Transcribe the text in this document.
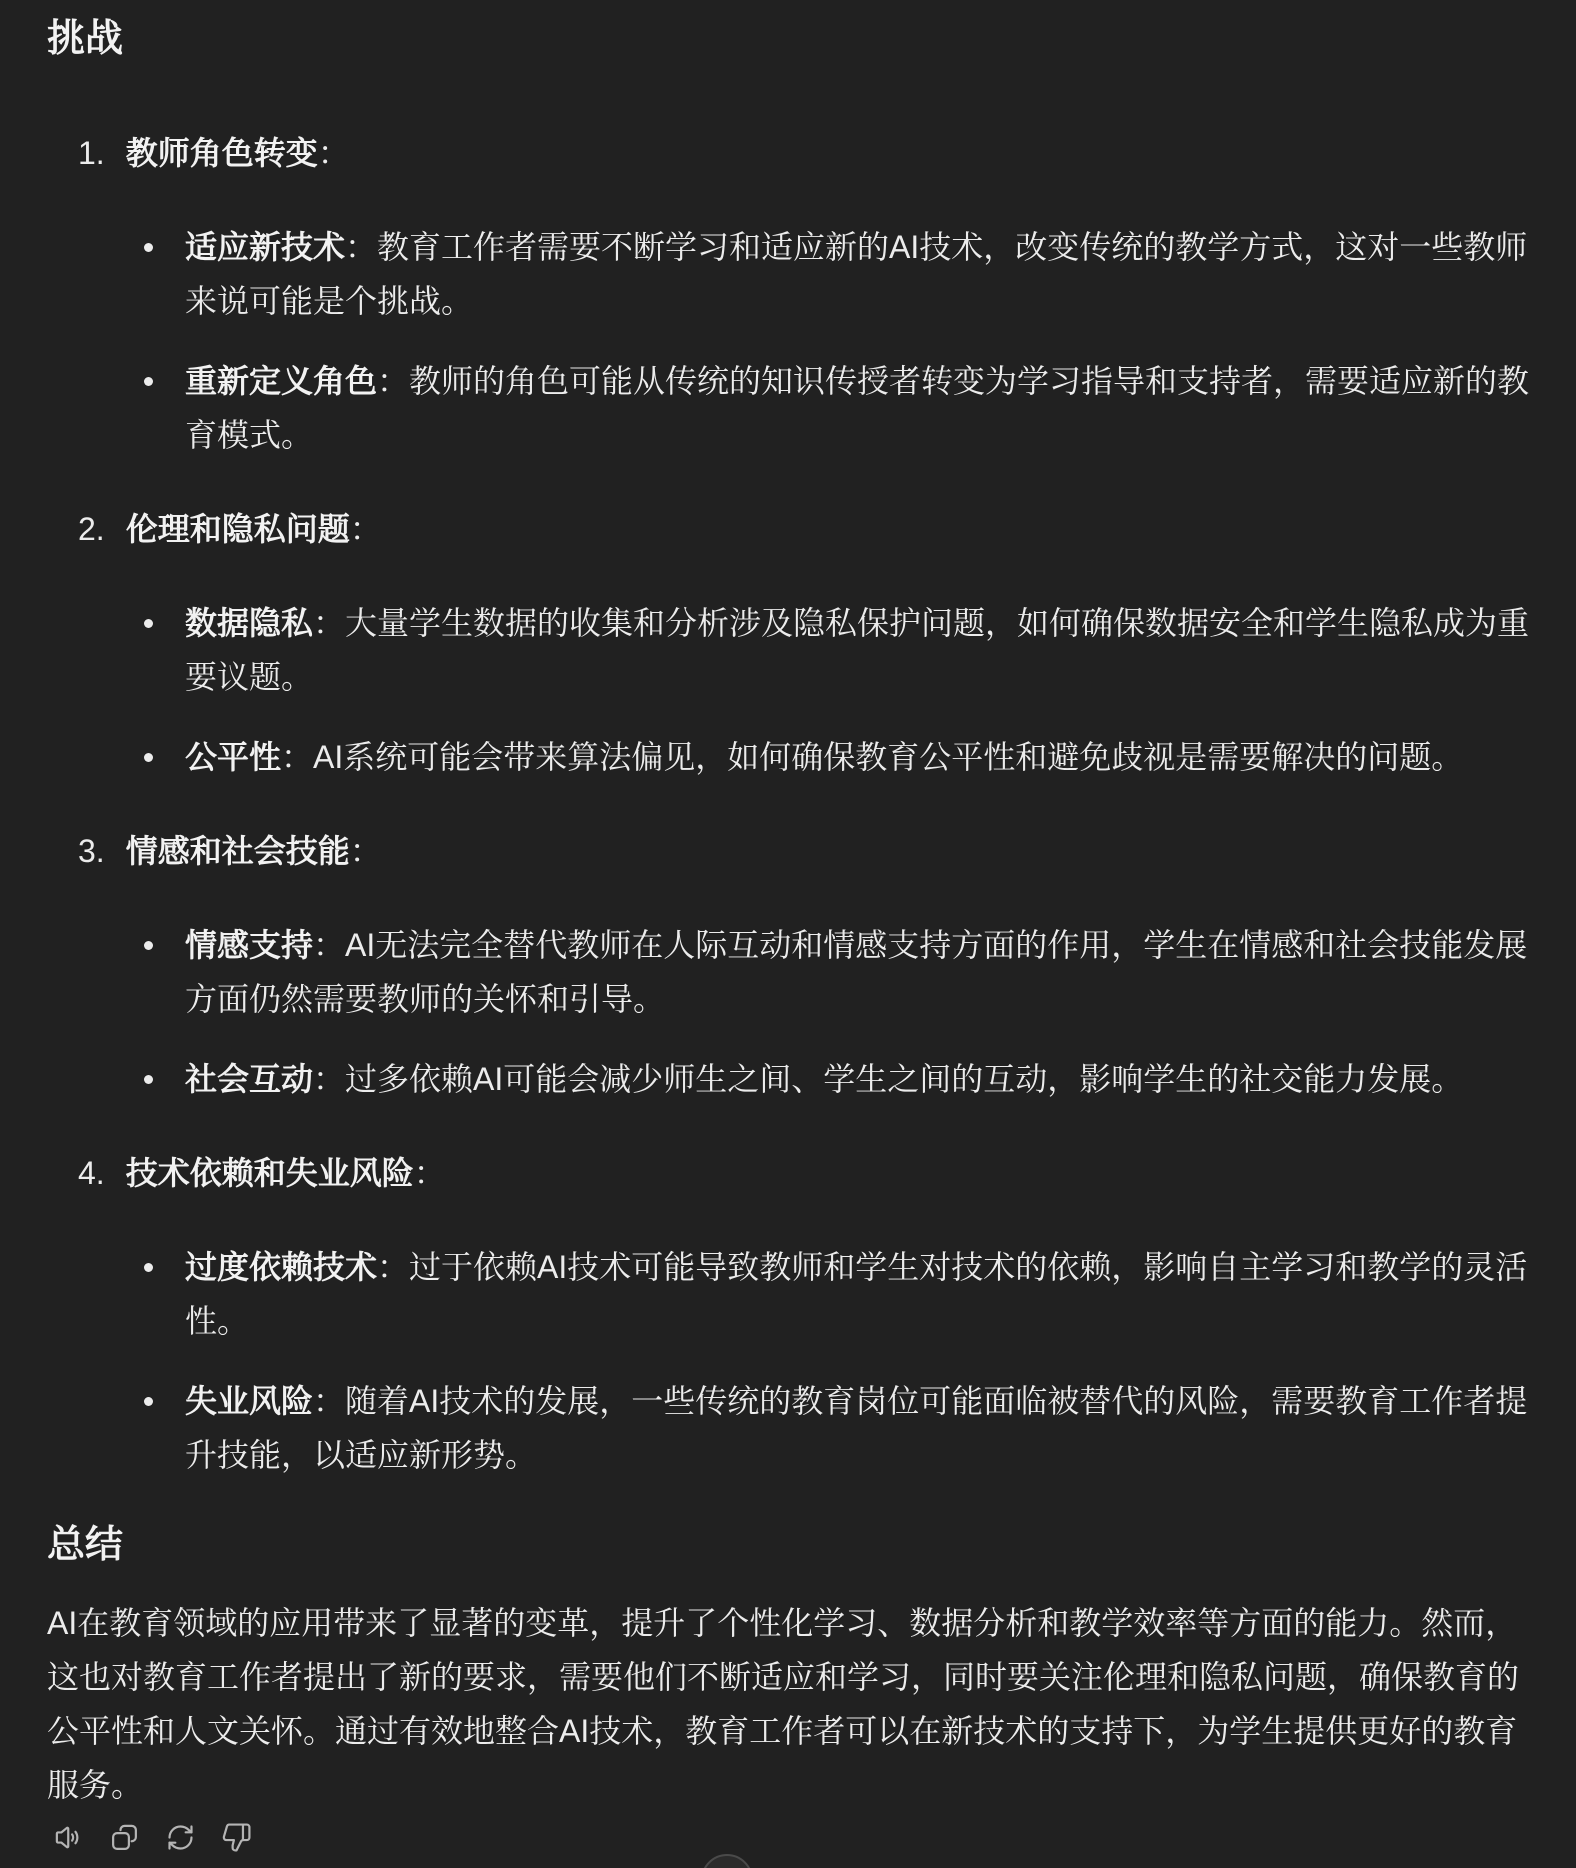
挑战
1. 教师角色转变：

适应新技术：教育工作者需要不断学习和适应新的AI技术，改变传统的教学方式，这对一些教师来说可能是个挑战。

重新定义角色：教师的角色可能从传统的知识传授者转变为学习指导和支持者，需要适应新的教育模式。

2. 伦理和隐私问题：

数据隐私：大量学生数据的收集和分析涉及隐私保护问题，如何确保数据安全和学生隐私成为重要议题。

公平性：AI系统可能会带来算法偏见，如何确保教育公平性和避免歧视是需要解决的问题。

3. 情感和社会技能：

情感支持：AI无法完全替代教师在人际互动和情感支持方面的作用，学生在情感和社会技能发展方面仍然需要教师的关怀和引导。

社会互动：过多依赖AI可能会减少师生之间、学生之间的互动，影响学生的社交能力发展。

4. 技术依赖和失业风险：

过度依赖技术：过于依赖AI技术可能导致教师和学生对技术的依赖，影响自主学习和教学的灵活性。

失业风险：随着AI技术的发展，一些传统的教育岗位可能面临被替代的风险，需要教育工作者提升技能，以适应新形势。

总结

AI在教育领域的应用带来了显著的变革，提升了个性化学习、数据分析和教学效率等方面的能力。然而，这也对教育工作者提出了新的要求，需要他们不断适应和学习，同时要关注伦理和隐私问题，确保教育的公平性和人文关怀。通过有效地整合AI技术，教育工作者可以在新技术的支持下，为学生提供更好的教育服务。
